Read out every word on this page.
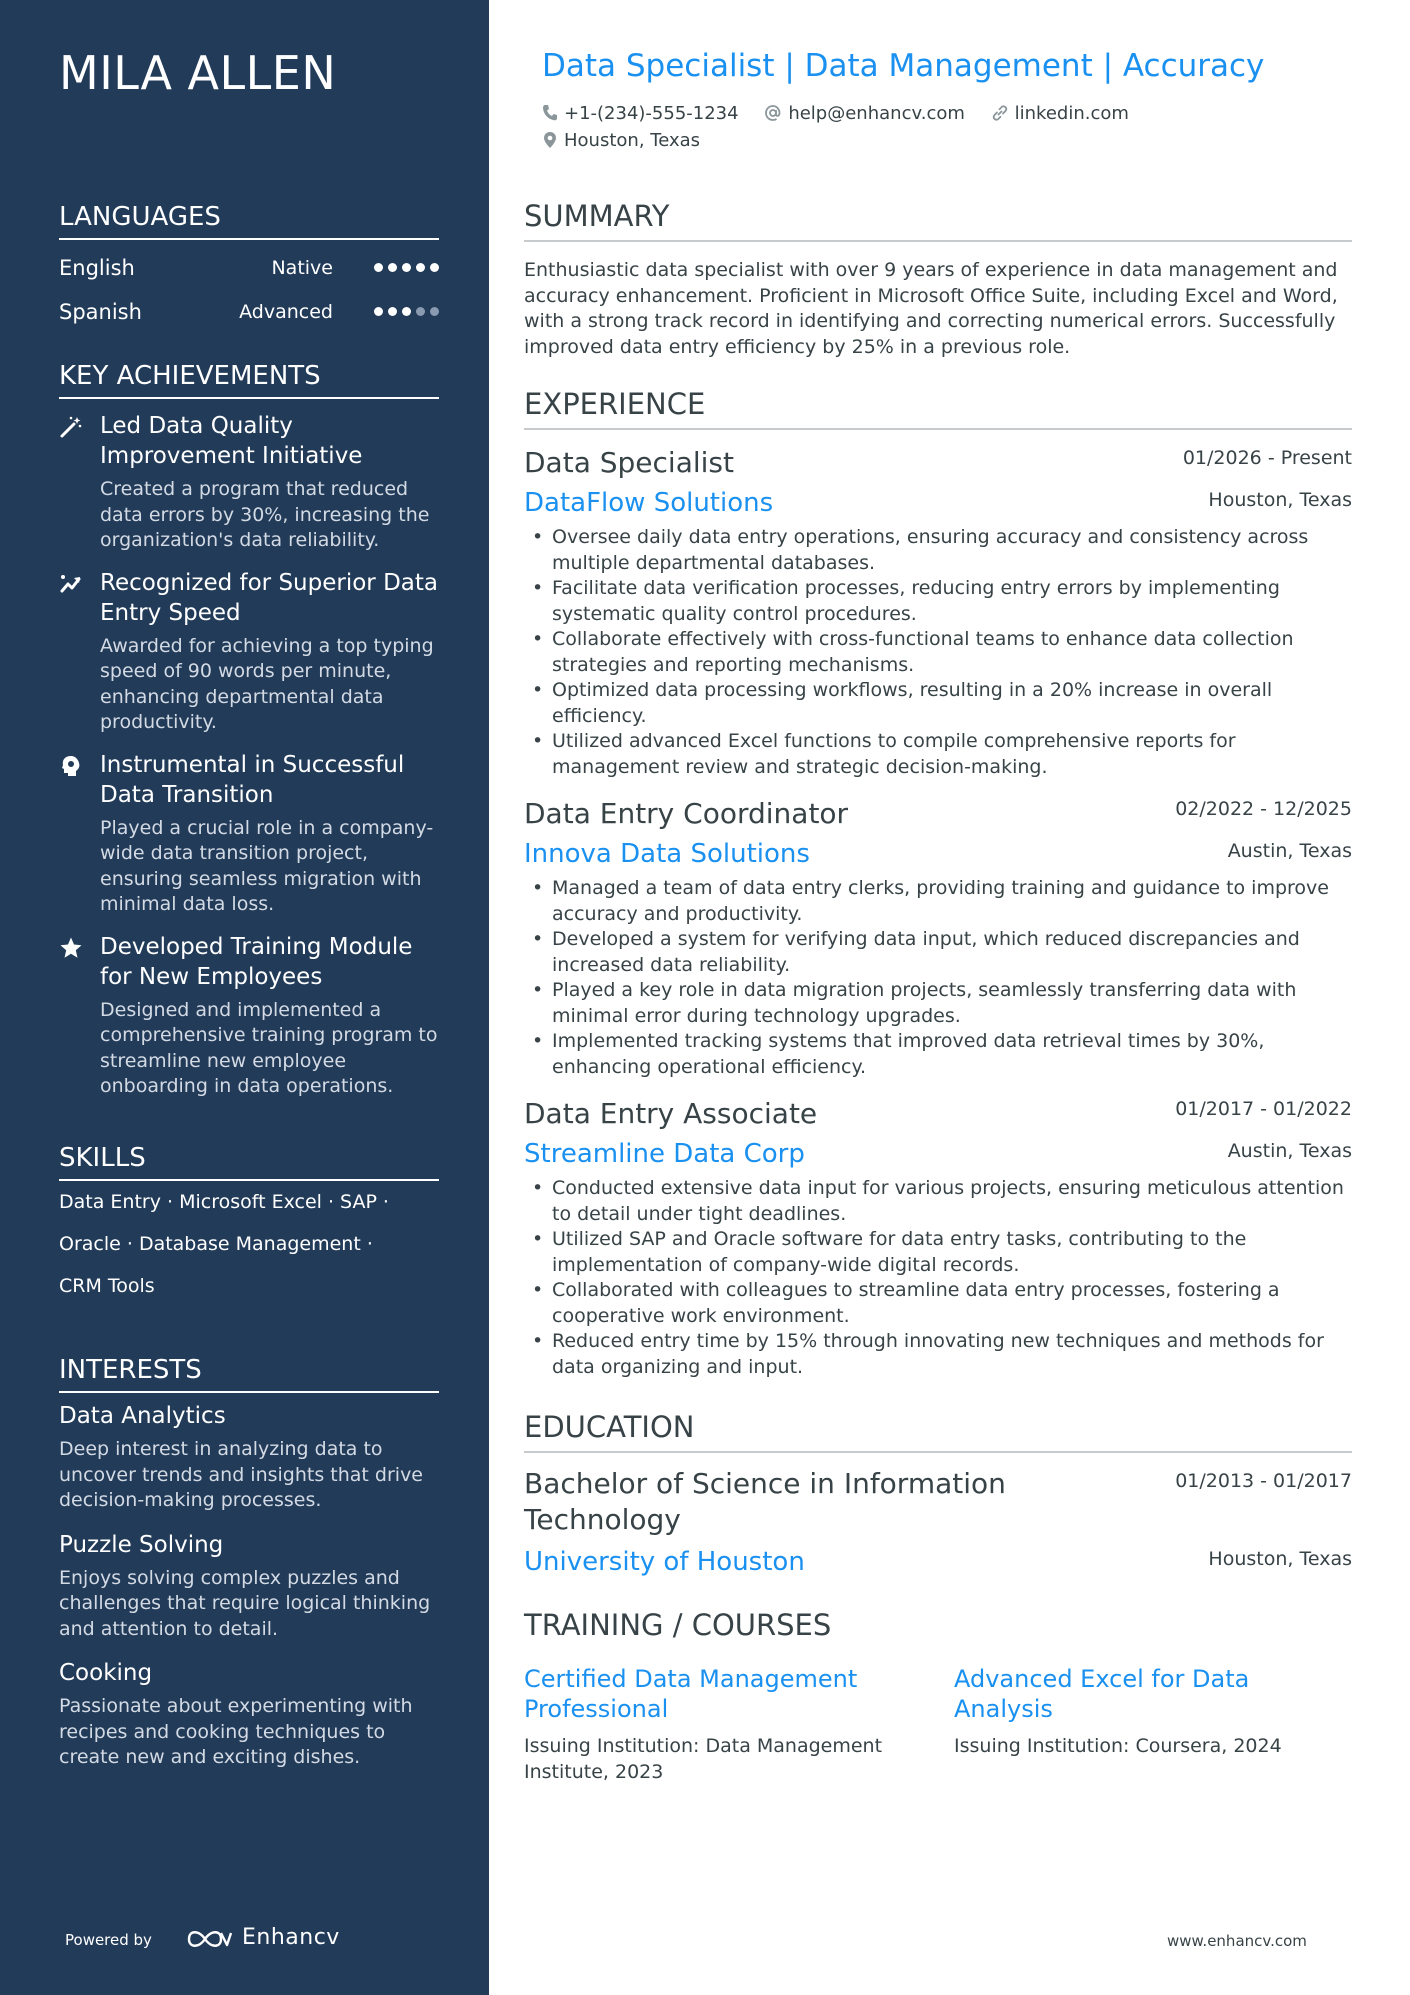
MILA ALLEN
LANGUAGES
English	Native
Spanish	Advanced
KEY ACHIEVEMENTS
Led Data Quality Improvement Initiative
Created a program that reduced data errors by 30%, increasing the organization's data reliability.
Recognized for Superior Data Entry Speed
Awarded for achieving a top typing speed of 90 words per minute, enhancing departmental data productivity.
Instrumental in Successful Data Transition
Played a crucial role in a company-wide data transition project, ensuring seamless migration with minimal data loss.
Developed Training Module for New Employees
Designed and implemented a comprehensive training program to streamline new employee onboarding in data operations.
SKILLS
Data Entry · Microsoft Excel · SAP ·
Oracle · Database Management ·
CRM Tools
INTERESTS
Data Analytics
Deep interest in analyzing data to uncover trends and insights that drive decision-making processes.
Puzzle Solving
Enjoys solving complex puzzles and challenges that require logical thinking and attention to detail.
Cooking
Passionate about experimenting with recipes and cooking techniques to create new and exciting dishes.
Powered by	Enhancv
Data Specialist | Data Management | Accuracy
+1-(234)-555-1234	help@enhancv.com	linkedin.com
Houston, Texas
SUMMARY
Enthusiastic data specialist with over 9 years of experience in data management and accuracy enhancement. Proficient in Microsoft Office Suite, including Excel and Word, with a strong track record in identifying and correcting numerical errors. Successfully improved data entry efficiency by 25% in a previous role.
EXPERIENCE
Data Specialist	01/2026 - Present
DataFlow Solutions	Houston, Texas
• Oversee daily data entry operations, ensuring accuracy and consistency across multiple departmental databases.
• Facilitate data verification processes, reducing entry errors by implementing systematic quality control procedures.
• Collaborate effectively with cross-functional teams to enhance data collection strategies and reporting mechanisms.
• Optimized data processing workflows, resulting in a 20% increase in overall efficiency.
• Utilized advanced Excel functions to compile comprehensive reports for management review and strategic decision-making.
Data Entry Coordinator	02/2022 - 12/2025
Innova Data Solutions	Austin, Texas
• Managed a team of data entry clerks, providing training and guidance to improve accuracy and productivity.
• Developed a system for verifying data input, which reduced discrepancies and increased data reliability.
• Played a key role in data migration projects, seamlessly transferring data with minimal error during technology upgrades.
• Implemented tracking systems that improved data retrieval times by 30%, enhancing operational efficiency.
Data Entry Associate	01/2017 - 01/2022
Streamline Data Corp	Austin, Texas
• Conducted extensive data input for various projects, ensuring meticulous attention to detail under tight deadlines.
• Utilized SAP and Oracle software for data entry tasks, contributing to the implementation of company-wide digital records.
• Collaborated with colleagues to streamline data entry processes, fostering a cooperative work environment.
• Reduced entry time by 15% through innovating new techniques and methods for data organizing and input.
EDUCATION
Bachelor of Science in Information Technology
01/2013 - 01/2017
University of Houston	Houston, Texas
TRAINING / COURSES
Certified Data Management Professional
Issuing Institution: Data Management Institute, 2023
Advanced Excel for Data Analysis
Issuing Institution: Coursera, 2024
www.enhancv.com
